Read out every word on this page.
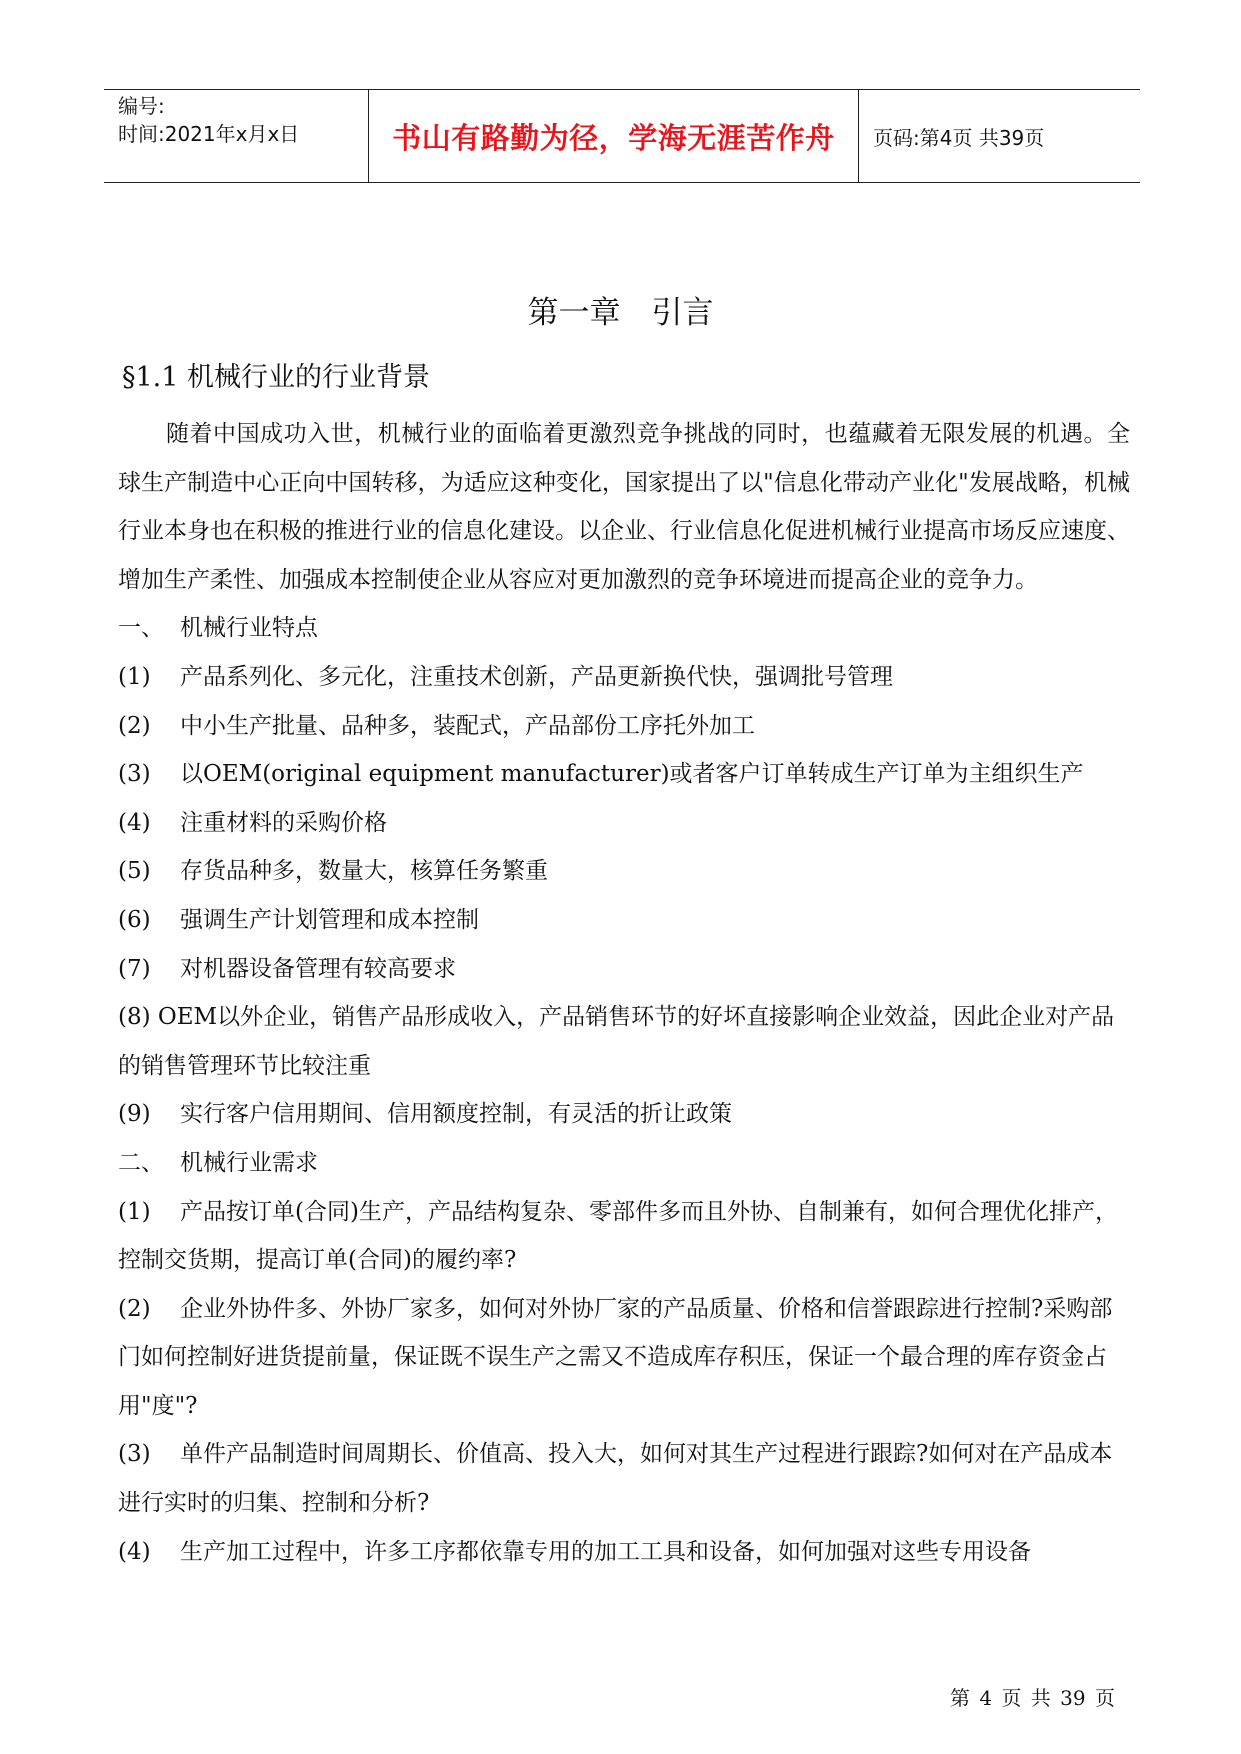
编号:
时间:2021年x月x日	书山有路勤为径，学海无涯苦作舟 页码:第4页 共39页
第一章　引言
§1.1 机械行业的行业背景

随着中国成功入世，机械行业的面临着更激烈竞争挑战的同时，也蕴藏着无限发展的机遇。全球生产制造中心正向中国转移，为适应这种变化，国家提出了以"信息化带动产业化"发展战略，机械行业本身也在积极的推进行业的信息化建设。以企业、行业信息化促进机械行业提高市场反应速度、增加生产柔性、加强成本控制使企业从容应对更加激烈的竞争环境进而提高企业的竞争力。

一、 机械行业特点

(1) 产品系列化、多元化，注重技术创新，产品更新换代快，强调批号管理

(2) 中小生产批量、品种多，装配式，产品部份工序托外加工

(3) 以OEM(original equipment manufacturer)或者客户订单转成生产订单为主组织生产

(4) 注重材料的采购价格

(5) 存货品种多，数量大，核算任务繁重

(6) 强调生产计划管理和成本控制

(7) 对机器设备管理有较高要求

(8) OEM以外企业，销售产品形成收入，产品销售环节的好坏直接影响企业效益，因此企业对产品的销售管理环节比较注重

(9) 实行客户信用期间、信用额度控制，有灵活的折让政策

二、 机械行业需求

(1) 产品按订单(合同)生产，产品结构复杂、零部件多而且外协、自制兼有，如何合理优化排产，控制交货期，提高订单(合同)的履约率?

(2) 企业外协件多、外协厂家多，如何对外协厂家的产品质量、价格和信誉跟踪进行控制?采购部门如何控制好进货提前量，保证既不误生产之需又不造成库存积压，保证一个最合理的库存资金占用"度"?

(3) 单件产品制造时间周期长、价值高、投入大，如何对其生产过程进行跟踪?如何对在产品成本进行实时的归集、控制和分析?

(4) 生产加工过程中，许多工序都依靠专用的加工工具和设备，如何加强对这些专用设备

第 4 页 共 39 页
